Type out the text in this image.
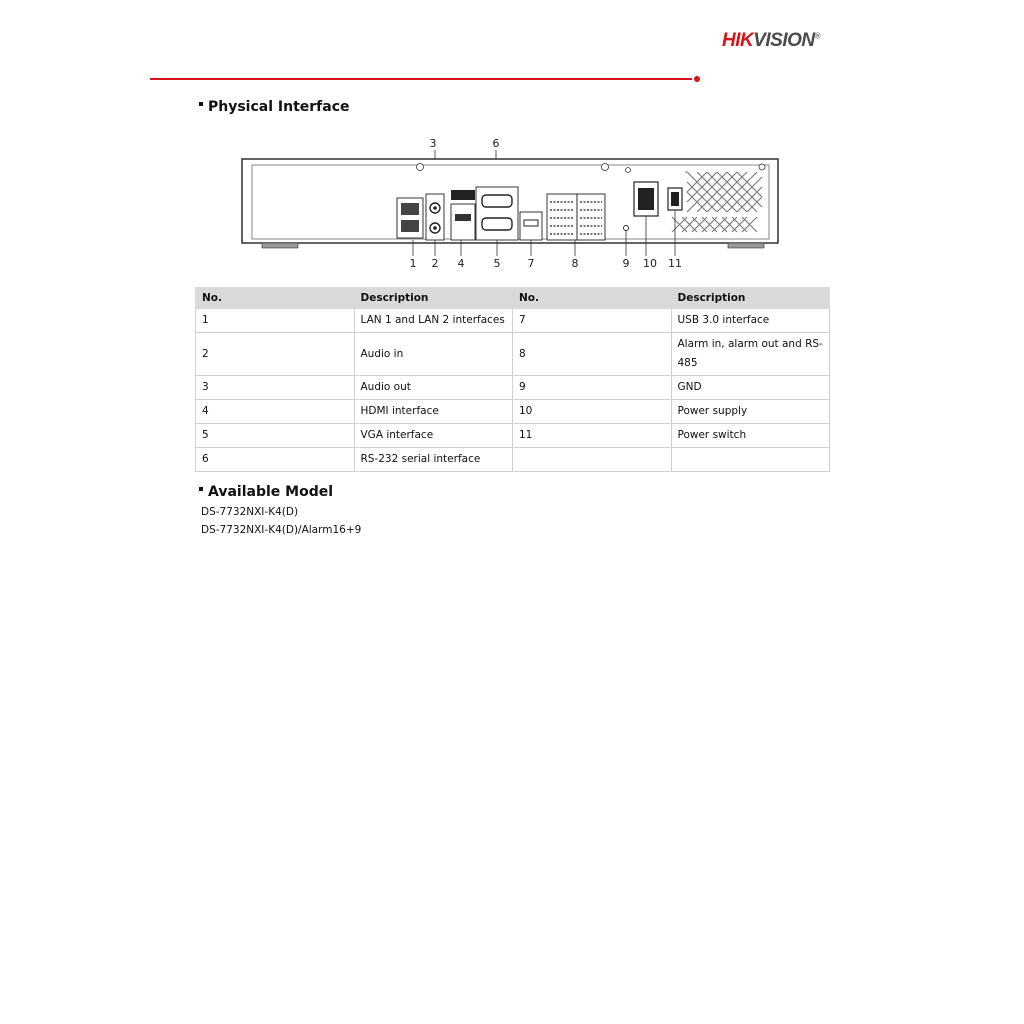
HIKVISION®
Physical Interface
3	6
1 2 4	5 7	8	9 10 11
No.	Description	No.	Description
1	LAN 1 and LAN 2 interfaces	7	USB 3.0 interface
2	Audio in	8	Alarm in, alarm out and RS-485
3	Audio out	9	GND
4	HDMI interface	10	Power supply
5	VGA interface	11	Power switch
6	RS-232 serial interface		
Available Model
DS-7732NXI-K4(D)
DS-7732NXI-K4(D)/Alarm16+9
